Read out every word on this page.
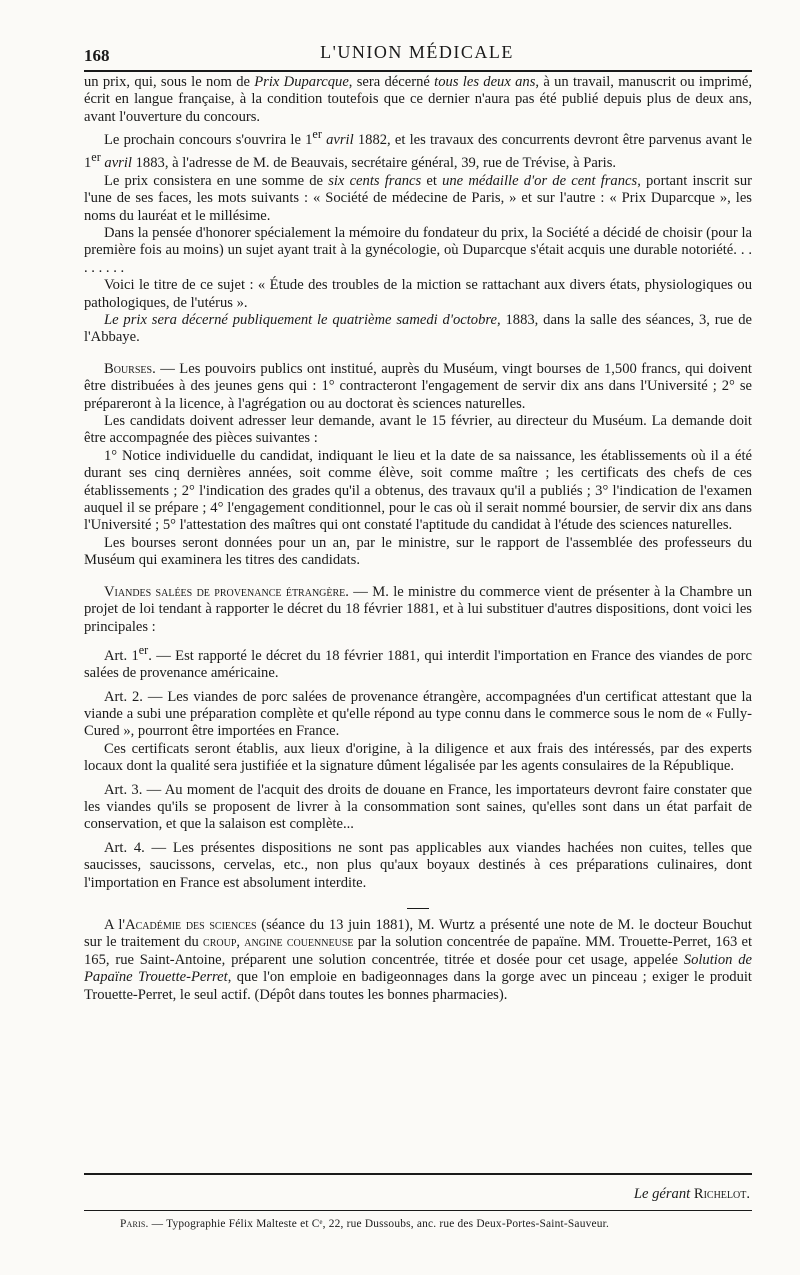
168	L'UNION MÉDICALE

un prix, qui, sous le nom de Prix Duparcque, sera décerné tous les deux ans, à un travail, manuscrit ou imprimé, écrit en langue française, à la condition toutefois que ce dernier n'aura pas été publié depuis plus de deux ans, avant l'ouverture du concours.

Le prochain concours s'ouvrira le 1er avril 1882, et les travaux des concurrents devront être parvenus avant le 1er avril 1883, à l'adresse de M. de Beauvais, secrétaire général, 39, rue de Trévise, à Paris.

Le prix consistera en une somme de six cents francs et une médaille d'or de cent francs, portant inscrit sur l'une de ses faces, les mots suivants : « Société de médecine de Paris, » et sur l'autre : « Prix Duparcque », les noms du lauréat et le millésime.

Dans la pensée d'honorer spécialement la mémoire du fondateur du prix, la Société a décidé de choisir (pour la première fois au moins) un sujet ayant trait à la gynécologie, où Duparcque s'était acquis une durable notoriété. . . . . . . . .

Voici le titre de ce sujet : « Étude des troubles de la miction se rattachant aux divers états, physiologiques ou pathologiques, de l'utérus ».

Le prix sera décerné publiquement le quatrième samedi d'octobre, 1883, dans la salle des séances, 3, rue de l'Abbaye.

Bourses. — Les pouvoirs publics ont institué, auprès du Muséum, vingt bourses de 1,500 francs, qui doivent être distribuées à des jeunes gens qui : 1° contracteront l'engagement de servir dix ans dans l'Université ; 2° se prépareront à la licence, à l'agrégation ou au doctorat ès sciences naturelles.

Les candidats doivent adresser leur demande, avant le 15 février, au directeur du Muséum. La demande doit être accompagnée des pièces suivantes :

1° Notice individuelle du candidat, indiquant le lieu et la date de sa naissance, les établissements où il a été durant ses cinq dernières années, soit comme élève, soit comme maître ; les certificats des chefs de ces établissements ; 2° l'indication des grades qu'il a obtenus, des travaux qu'il a publiés ; 3° l'indication de l'examen auquel il se prépare ; 4° l'engagement conditionnel, pour le cas où il serait nommé boursier, de servir dix ans dans l'Université ; 5° l'attestation des maîtres qui ont constaté l'aptitude du candidat à l'étude des sciences naturelles.

Les bourses seront données pour un an, par le ministre, sur le rapport de l'assemblée des professeurs du Muséum qui examinera les titres des candidats.

Viandes salées de provenance étrangère. — M. le ministre du commerce vient de présenter à la Chambre un projet de loi tendant à rapporter le décret du 18 février 1881, et à lui substituer d'autres dispositions, dont voici les principales :

Art. 1er. — Est rapporté le décret du 18 février 1881, qui interdit l'importation en France des viandes de porc salées de provenance américaine.

Art. 2. — Les viandes de porc salées de provenance étrangère, accompagnées d'un certificat attestant que la viande a subi une préparation complète et qu'elle répond au type connu dans le commerce sous le nom de « Fully-Cured », pourront être importées en France.

Ces certificats seront établis, aux lieux d'origine, à la diligence et aux frais des intéressés, par des experts locaux dont la qualité sera justifiée et la signature dûment légalisée par les agents consulaires de la République.

Art. 3. — Au moment de l'acquit des droits de douane en France, les importateurs devront faire constater que les viandes qu'ils se proposent de livrer à la consommation sont saines, qu'elles sont dans un état parfait de conservation, et que la salaison est complète...

Art. 4. — Les présentes dispositions ne sont pas applicables aux viandes hachées non cuites, telles que saucisses, saucissons, cervelas, etc., non plus qu'aux boyaux destinés à ces préparations culinaires, dont l'importation en France est absolument interdite.

A l'Académie des sciences (séance du 13 juin 1881), M. Wurtz a présenté une note de M. le docteur Bouchut sur le traitement du croup, angine couenneuse par la solution concentrée de papaïne. MM. Trouette-Perret, 163 et 165, rue Saint-Antoine, préparent une solution concentrée, titrée et dosée pour cet usage, appelée Solution de Papaïne Trouette-Perret, que l'on emploie en badigeonnages dans la gorge avec un pinceau ; exiger le produit Trouette-Perret, le seul actif. (Dépôt dans toutes les bonnes pharmacies).

Le gérant Richelot.
Paris. — Typographie Félix Malteste et Cᵉ, 22, rue Dussoubs, anc. rue des Deux-Portes-Saint-Sauveur.
